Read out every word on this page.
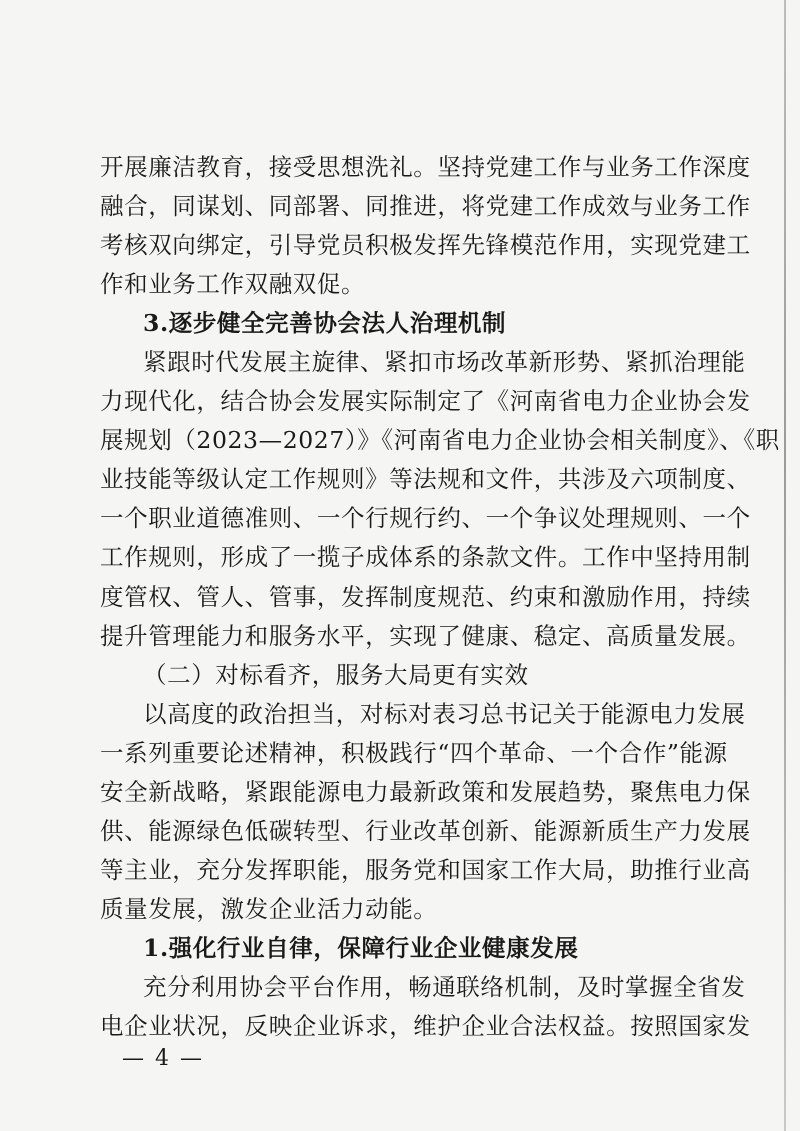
开展廉洁教育，接受思想洗礼。坚持党建工作与业务工作深度
融合，同谋划、同部署、同推进，将党建工作成效与业务工作
考核双向绑定，引导党员积极发挥先锋模范作用，实现党建工
作和业务工作双融双促。
3.逐步健全完善协会法人治理机制
紧跟时代发展主旋律、紧扣市场改革新形势、紧抓治理能
力现代化，结合协会发展实际制定了《河南省电力企业协会发
展规划（2023—2027）》《河南省电力企业协会相关制度》、《职
业技能等级认定工作规则》等法规和文件，共涉及六项制度、
一个职业道德准则、一个行规行约、一个争议处理规则、一个
工作规则，形成了一揽子成体系的条款文件。工作中坚持用制
度管权、管人、管事，发挥制度规范、约束和激励作用，持续
提升管理能力和服务水平，实现了健康、稳定、高质量发展。
（二）对标看齐，服务大局更有实效
以高度的政治担当，对标对表习总书记关于能源电力发展
一系列重要论述精神，积极践行“四个革命、一个合作”能源
安全新战略，紧跟能源电力最新政策和发展趋势，聚焦电力保
供、能源绿色低碳转型、行业改革创新、能源新质生产力发展
等主业，充分发挥职能，服务党和国家工作大局，助推行业高
质量发展，激发企业活力动能。
1.强化行业自律，保障行业企业健康发展
充分利用协会平台作用，畅通联络机制，及时掌握全省发
电企业状况，反映企业诉求，维护企业合法权益。按照国家发
— 4 —
